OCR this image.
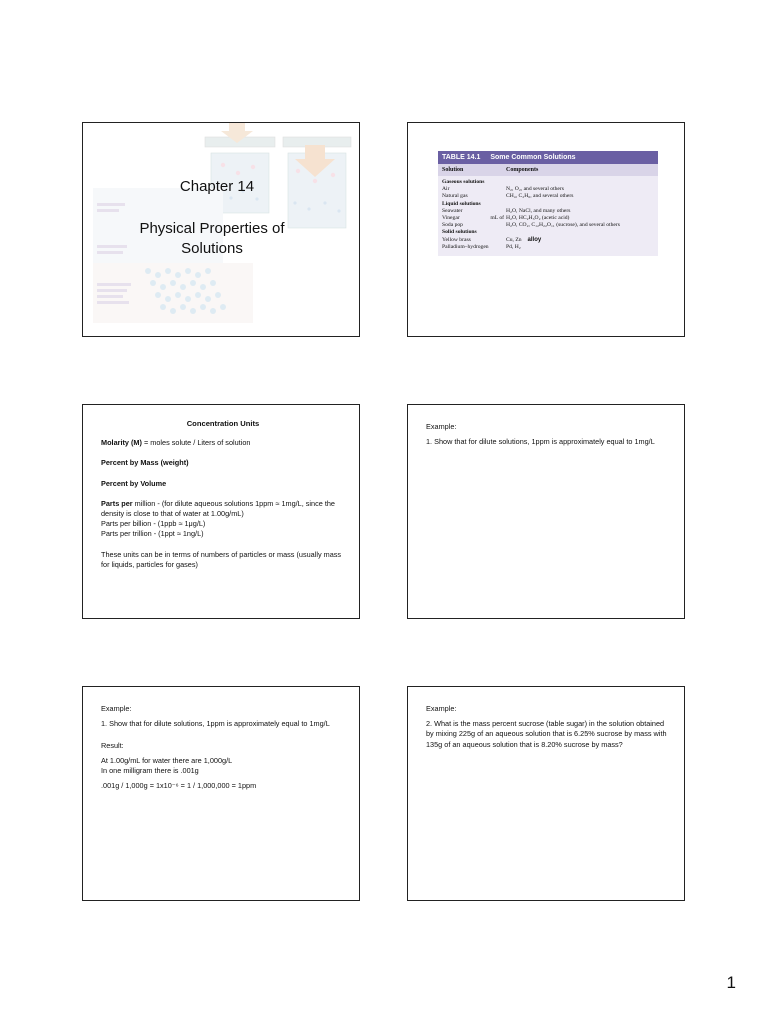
Chapter 14
Physical Properties of
Solutions
TABLE 14.1 Some Common Solutions
Solution	Components
Gaseous solutions
Air	N₂, O₂, and several others
Natural gas	CH₄, C₂H₆, and several others
Liquid solutions
Seawater	H₂O, NaCl, and many others
Vinegar	mL of H₂O, HC₂H₃O₂ (acetic acid)
Soda pop	H₂O, CO₂, C₁₂H₂₂O₁₁ (sucrose), and several others
Solid solutions
Yellow brass	Cu, Zn alloy
Palladium–hydrogen	Pd, H₂

Concentration Units

Molarity (M) = moles solute / Liters of solution

Percent by Mass (weight)

Percent by Volume

Parts per million - (for dilute aqueous solutions 1ppm ≈ 1mg/L, since the density is close to that of water at 1.00g/mL)

Parts per billion - (1ppb ≈ 1μg/L)

Parts per trillion - (1ppt ≈ 1ng/L)

These units can be in terms of numbers of particles or mass (usually mass for liquids, particles for gases)

Example:

1. Show that for dilute solutions, 1ppm is approximately equal to 1mg/L

Example:

1. Show that for dilute solutions, 1ppm is approximately equal to 1mg/L

Result:

At 1.00g/mL for water there are 1,000g/L

In one milligram there is .001g

.001g / 1,000g = 1x10⁻⁶ = 1 / 1,000,000 = 1ppm

Example:

2. What is the mass percent sucrose (table sugar) in the solution obtained by mixing 225g of an aqueous solution that is 6.25% sucrose by mass with 135g of an aqueous solution that is 8.20% sucrose by mass?

1
